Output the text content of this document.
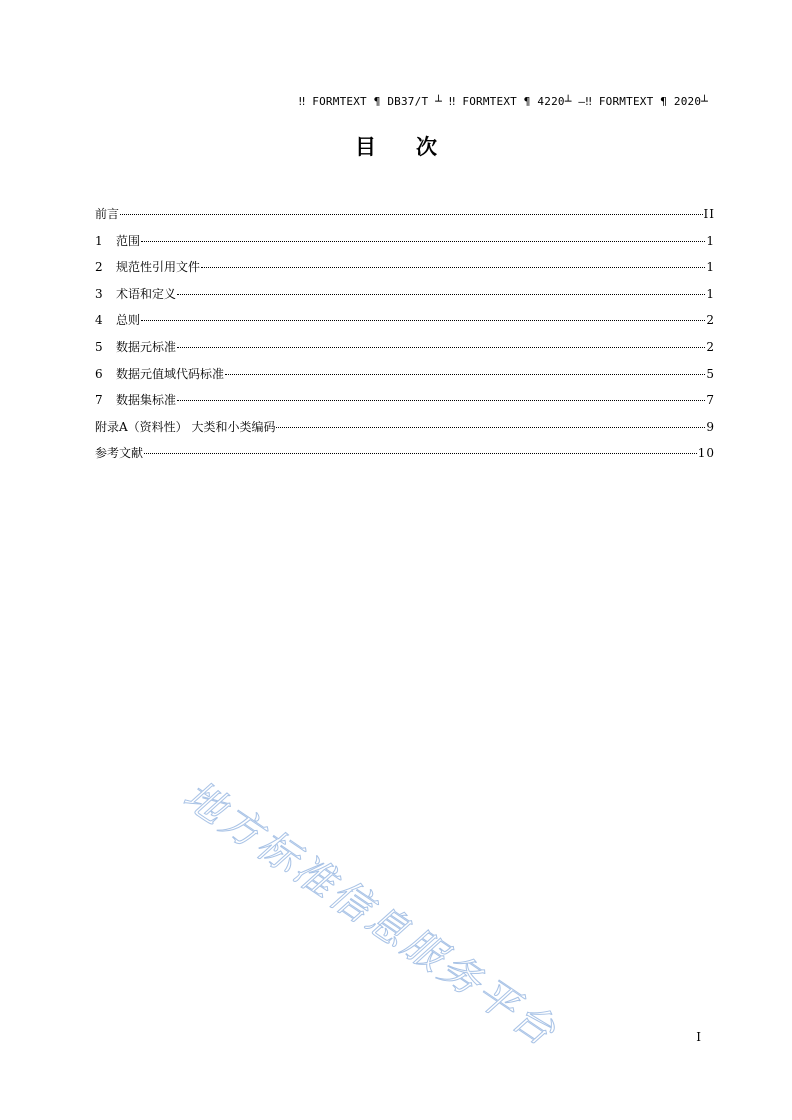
‼ FORMTEXT ¶ DB37/T ┴ ‼ FORMTEXT ¶ 4220┴ —‼ FORMTEXT ¶ 2020┴
目次
前言	II
1	范围	1
2	规范性引用文件	1
3	术语和定义	1
4	总则	2
5	数据元标准	2
6	数据元值域代码标准	5
7	数据集标准	7
附录A（资料性） 大类和小类编码	9
参考文献	10
地方标准信息服务平台	I
